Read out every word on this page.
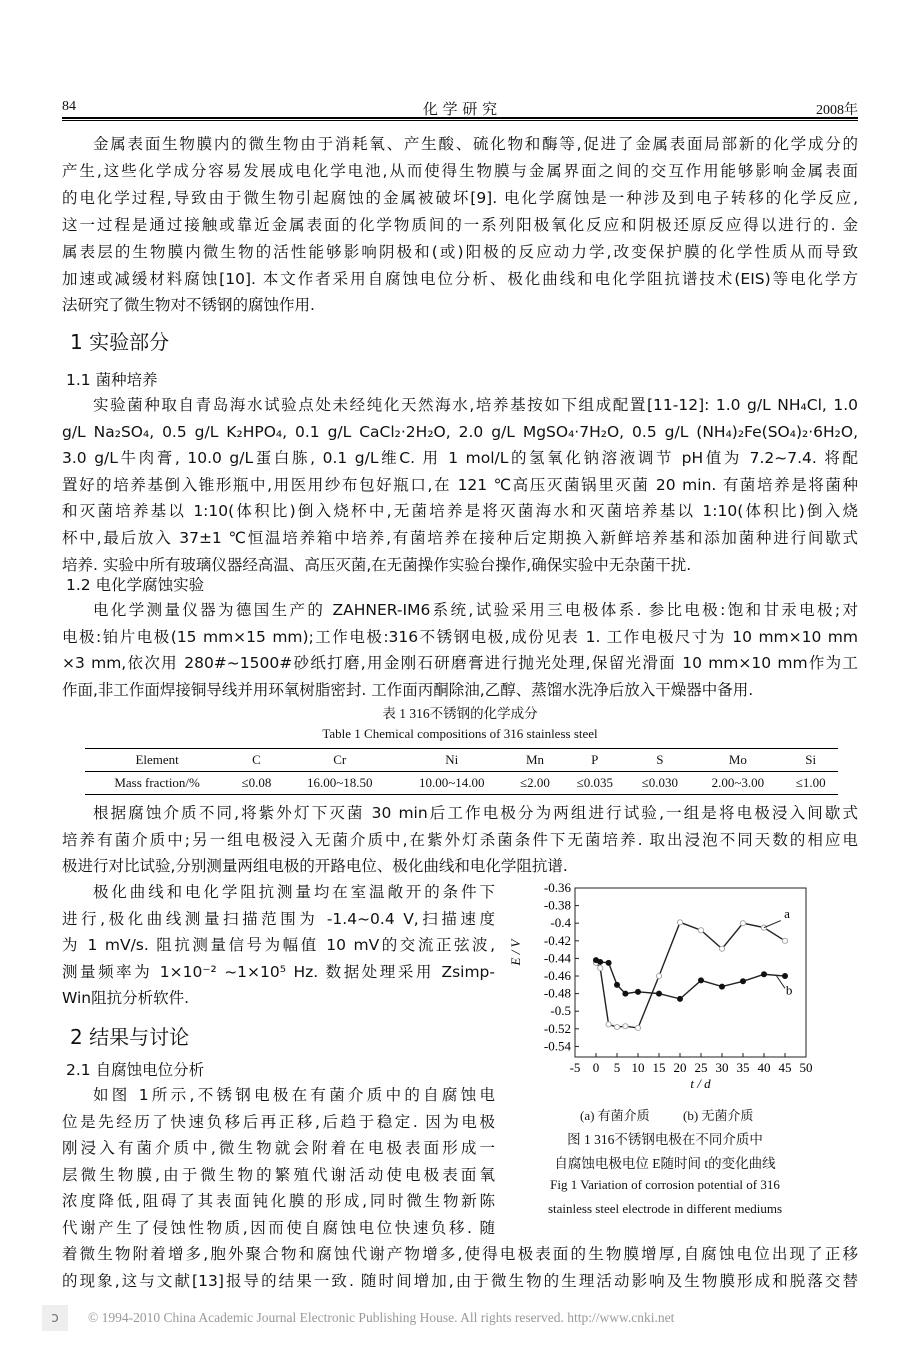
84	化 学 研 究	2008年
金属表面生物膜内的微生物由于消耗氧、产生酸、硫化物和酶等,促进了金属表面局部新的化学成分的
产生,这些化学成分容易发展成电化学电池,从而使得生物膜与金属界面之间的交互作用能够影响金属表面
的电化学过程,导致由于微生物引起腐蚀的金属被破坏[9]. 电化学腐蚀是一种涉及到电子转移的化学反应,
这一过程是通过接触或靠近金属表面的化学物质间的一系列阳极氧化反应和阴极还原反应得以进行的. 金
属表层的生物膜内微生物的活性能够影响阴极和(或)阳极的反应动力学,改变保护膜的化学性质从而导致
加速或减缓材料腐蚀[10]. 本文作者采用自腐蚀电位分析、极化曲线和电化学阻抗谱技术(EIS)等电化学方
法研究了微生物对不锈钢的腐蚀作用.
实验菌种取自青岛海水试验点处未经纯化天然海水,培养基按如下组成配置[11-12]: 1.0 g/L NH₄Cl, 1.0
g/L Na₂SO₄, 0.5 g/L K₂HPO₄, 0.1 g/L CaCl₂·2H₂O, 2.0 g/L MgSO₄·7H₂O, 0.5 g/L (NH₄)₂Fe(SO₄)₂·6H₂O,
3.0 g/L牛肉膏, 10.0 g/L蛋白胨, 0.1 g/L维C. 用 1 mol/L的氢氧化钠溶液调节 pH值为 7.2~7.4. 将配
置好的培养基倒入锥形瓶中,用医用纱布包好瓶口,在 121 ℃高压灭菌锅里灭菌 20 min. 有菌培养是将菌种
和灭菌培养基以 1:10(体积比)倒入烧杯中,无菌培养是将灭菌海水和灭菌培养基以 1:10(体积比)倒入烧
杯中,最后放入 37±1 ℃恒温培养箱中培养,有菌培养在接种后定期换入新鲜培养基和添加菌种进行间歇式
培养. 实验中所有玻璃仪器经高温、高压灭菌,在无菌操作实验台操作,确保实验中无杂菌干扰.
电化学测量仪器为德国生产的 ZAHNER-IM6系统,试验采用三电极体系. 参比电极:饱和甘汞电极;对
电极:铂片电极(15 mm×15 mm);工作电极:316不锈钢电极,成份见表 1. 工作电极尺寸为 10 mm×10 mm
×3 mm,依次用 280#~1500#砂纸打磨,用金刚石研磨膏进行抛光处理,保留光滑面 10 mm×10 mm作为工
作面,非工作面焊接铜导线并用环氧树脂密封. 工作面丙酮除油,乙醇、蒸馏水洗净后放入干燥器中备用.
根据腐蚀介质不同,将紫外灯下灭菌 30 min后工作电极分为两组进行试验,一组是将电极浸入间歇式
培养有菌介质中;另一组电极浸入无菌介质中,在紫外灯杀菌条件下无菌培养. 取出浸泡不同天数的相应电
极进行对比试验,分别测量两组电极的开路电位、极化曲线和电化学阻抗谱.
极化曲线和电化学阻抗测量均在室温敞开的条件下
进行,极化曲线测量扫描范围为 -1.4~0.4 V,扫描速度
为 1 mV/s. 阻抗测量信号为幅值 10 mV的交流正弦波,
测量频率为 1×10⁻² ~1×10⁵ Hz. 数据处理采用 Zsimp-
Win阻抗分析软件.
如图 1所示,不锈钢电极在有菌介质中的自腐蚀电
位是先经历了快速负移后再正移,后趋于稳定. 因为电极
刚浸入有菌介质中,微生物就会附着在电极表面形成一
层微生物膜,由于微生物的繁殖代谢活动使电极表面氧
浓度降低,阻碍了其表面钝化膜的形成,同时微生物新陈
代谢产生了侵蚀性物质,因而使自腐蚀电位快速负移. 随
着微生物附着增多,胞外聚合物和腐蚀代谢产物增多,使得电极表面的生物膜增厚,自腐蚀电位出现了正移
的现象,这与文献[13]报导的结果一致. 随时间增加,由于微生物的生理活动影响及生物膜形成和脱落交替
1 实验部分
1.1 菌种培养
1.2 电化学腐蚀实验
表 1 316不锈钢的化学成分
Table 1 Chemical compositions of 316 stainless steel
Element	C	Cr	Ni	Mn	P	S	Mo	Si
Mass fraction/%	≤0.08	16.00~18.50	10.00~14.00	≤2.00	≤0.035	≤0.030	2.00~3.00	≤1.00
2 结果与讨论
2.1 自腐蚀电位分析
-0.36
-0.38
-0.4
-0.42
-0.44
-0.46
-0.48
-0.5
-0.52
-0.54
-5 0 5 10 15 20 25 30 35 40 45 50
t / d
E / V
a
b
(a) 有菌介质	(b) 无菌介质
图 1 316不锈钢电极在不同介质中
自腐蚀电极电位 E随时间 t的变化曲线
Fig 1 Variation of corrosion potential of 316
stainless steel electrode in different mediums
ↄ	© 1994-2010 China Academic Journal Electronic Publishing House. All rights reserved. http://www.cnki.net
